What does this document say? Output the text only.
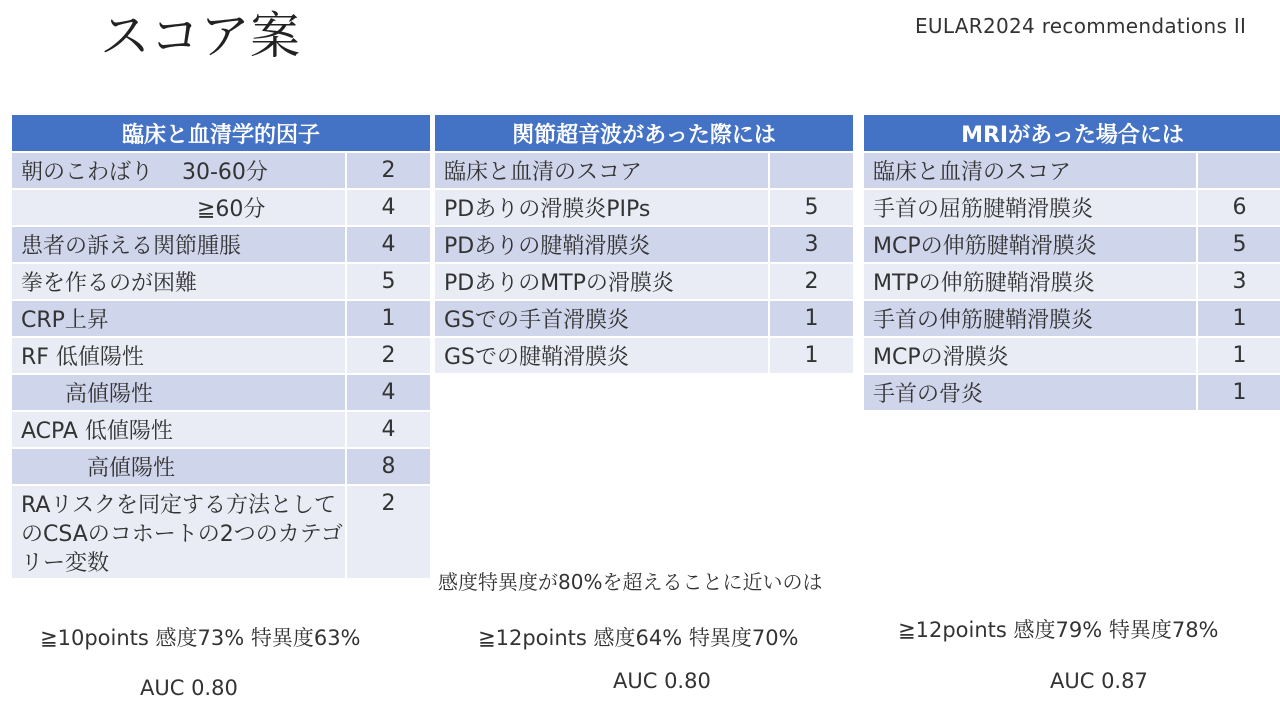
スコア案	EULAR2024 recommendations II
臨床と血清学的因子	
朝のこわばり　 30-60分	2
　　　　　　　　≧60分	4
患者の訴える関節腫脹	4
拳を作るのが困難	5
CRP上昇	1
RF 低値陽性	2
　　高値陽性	4
ACPA 低値陽性	4
　　　高値陽性	8
RAリスクを同定する方法としてのCSAのコホートの2つのカテゴリー変数	2
関節超音波があった際には	
臨床と血清のスコア	
PDありの滑膜炎PIPs	5
PDありの腱鞘滑膜炎	3
PDありのMTPの滑膜炎	2
GSでの手首滑膜炎	1
GSでの腱鞘滑膜炎	1
MRIがあった場合には	
臨床と血清のスコア	
手首の屈筋腱鞘滑膜炎	6
MCPの伸筋腱鞘滑膜炎	5
MTPの伸筋腱鞘滑膜炎	3
手首の伸筋腱鞘滑膜炎	1
MCPの滑膜炎	1
手首の骨炎	1
感度特異度が80%を超えることに近いのは
≧10points 感度73% 特異度63%
AUC 0.80
≧12points 感度64% 特異度70%
AUC 0.80
≧12points 感度79% 特異度78%
AUC 0.87
